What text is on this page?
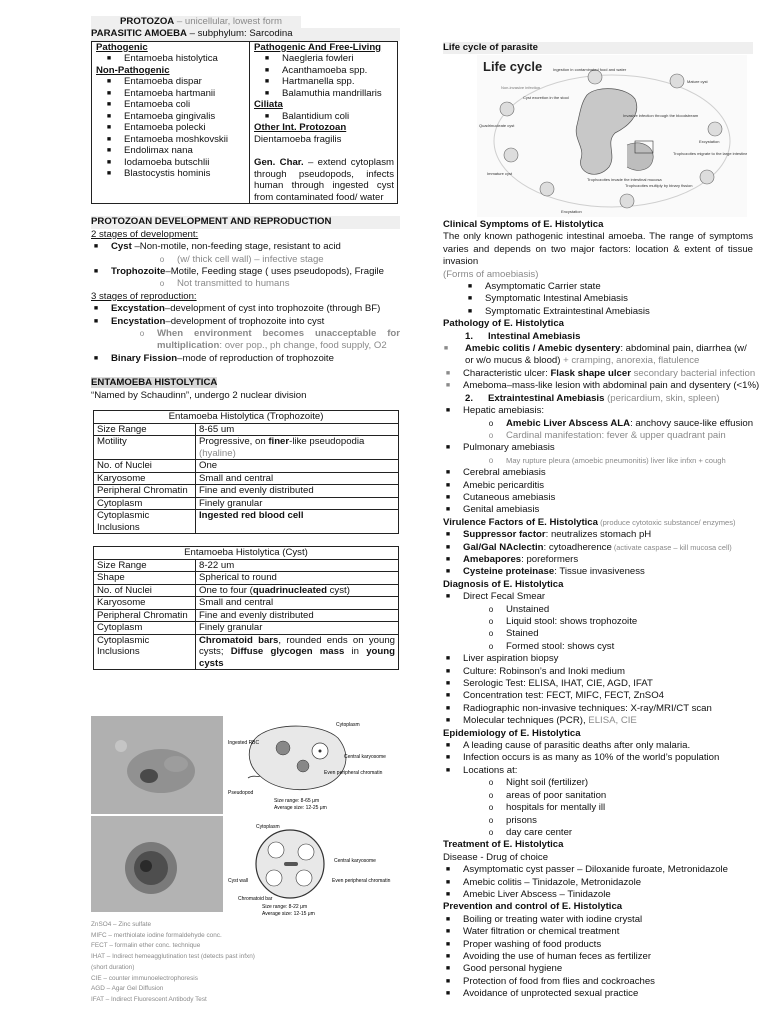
PROTOZOA – unicellular, lowest form
PARASITIC AMOEBA – subphylum: Sarcodina
Pathogenic
■ Entamoeba histolytica
Non-Pathogenic
■ Entamoeba dispar
■ Entamoeba hartmanii
■ Entamoeba coli
■ Entamoeba gingivalis
■ Entamoeba polecki
■ Entamoeba moshkovskii
■ Endolimax nana
■ Iodamoeba butschlii
■ Blastocystis hominis

Pathogenic And Free-Living
■ Naegleria fowleri
■ Acanthamoeba spp.
■ Hartmanella spp.
■ Balamuthia mandrillaris
Ciliata
■ Balantidium coli
Other Int. Protozoan
Dientamoeba fragilis
Gen. Char. – extend cytoplasm through pseudopods, infects human through ingested cyst from contaminated food/ water
PROTOZOAN DEVELOPMENT AND REPRODUCTION
2 stages of development:
■ Cyst –Non-motile, non-feeding stage, resistant to acid
o (w/ thick cell wall) – infective stage
■ Trophozoite–Motile, Feeding stage ( uses pseudopods), Fragile
o Not transmitted to humans
3 stages of reproduction:
■ Excystation–development of cyst into trophozoite (through BF)
■ Encystation–development of trophozoite into cyst
o When environment becomes unacceptable for multiplication: over pop., ph change, food supply, O2
■ Binary Fission–mode of reproduction of trophozoite
ENTAMOEBA HISTOLYTICA
“Named by Schaudinn”, undergo 2 nuclear division
Entamoeba Histolytica (Trophozoite)	
Size Range	8-65 um
Motility	Progressive, on finer-like pseudopodia (hyaline)
No. of Nuclei	One
Karyosome	Small and central
Peripheral Chromatin	Fine and evenly distributed
Cytoplasm	Finely granular
Cytoplasmic Inclusions	Ingested red blood cell
Entamoeba Histolytica (Cyst)	
Size Range	8-22 um
Shape	Spherical to round
No. of Nuclei	One to four (quadrinucleated cyst)
Karyosome	Small and central
Peripheral Chromatin	Fine and evenly distributed
Cytoplasm	Finely granular
Cytoplasmic Inclusions	Chromatoid bars, rounded ends on young cysts; Diffuse glycogen mass in young cysts
Cytoplasm
Ingested RBC
Central karyosome
Even peripheral chromatin
Pseudopod
Size range: 8-65 μm
Average size: 12-25 μm
Cytoplasm
Central karyosome
Even peripheral chromatin
Cyst wall
Chromatoid bar
Size range: 8-22 μm
Average size: 12-15 μm
ZnSO4 – Zinc sulfate
MIFC – merthiolate iodine formaldehyde conc.
FECT – formalin ether conc. technique
IHAT – Indirect hemeagglutination test (detects past infxn)
(short duration)
CIE – counter immunoelectrophoresis
AGD – Agar Gel Diffusion
IFAT – Indirect Fluorescent Antibody Test
Life cycle of parasite
Life cycle	Ingestion in contaminated food and water
Non-invasive infection
Mature cyst
Cyst excretion in the stool
Invasive infection through the bloodstream
Quadrinucleate cyst
Excystation
Trophozoites migrate to the large intestine
Trophozoites invade the intestinal mucosa
Immature cyst
Trophozoites multiply by binary fission
Encystation
Clinical Symptoms of E. Histolytica
The only known pathogenic intestinal amoeba. The range of symptoms varies and depends on two major factors: location & extent of tissue invasion
(Forms of amoebiasis)
■ Asymptomatic Carrier state
■ Symptomatic Intestinal Amebiasis
■ Symptomatic Extraintestinal Amebiasis
Pathology of E. Histolytica
1. Intestinal Amebiasis
■	Amebic colitis / Amebic dysentery: abdominal pain, diarrhea (w/ or w/o mucus & blood) + cramping, anorexia, flatulence
■ Characteristic ulcer: Flask shape ulcer secondary bacterial infection
■ Ameboma–mass-like lesion with abdominal pain and dysentery (<1%)
2. Extraintestinal Amebiasis (pericardium, skin, spleen)
■ Hepatic amebiasis:
o Amebic Liver Abscess ALA: anchovy sauce-like effusion
o Cardinal manifestation: fever & upper quadrant pain
■ Pulmonary amebiasis
o May rupture pleura (amoebic pneumonitis) liver like infxn + cough
■ Cerebral amebiasis
■ Amebic pericarditis
■ Cutaneous amebiasis
■ Genital amebiasis
Virulence Factors of E. Histolytica (produce cytotoxic substance/ enzymes)
■ Suppressor factor: neutralizes stomach pH
■ Gal/Gal NAclectin: cytoadherence (activate caspase – kill mucosa cell)
■ Amebapores: poreformers
■ Cysteine proteinase: Tissue invasiveness
Diagnosis of E. Histolytica
■ Direct Fecal Smear
o Unstained
o Liquid stool: shows trophozoite
o Stained
o Formed stool: shows cyst
■ Liver aspiration biopsy
■ Culture: Robinson’s and Inoki medium
■ Serologic Test: ELISA, IHAT, CIE, AGD, IFAT
■ Concentration test: FECT, MIFC, FECT, ZnSO4
■ Radiographic non-invasive techniques: X-ray/MRI/CT scan
■ Molecular techniques (PCR), ELISA, CIE
Epidemiology of E. Histolytica
■ A leading cause of parasitic deaths after only malaria.
■ Infection occurs is as many as 10% of the world’s population
■ Locations at:
o Night soil (fertilizer)
o areas of poor sanitation
o hospitals for mentally ill
o prisons
o day care center
Treatment of E. Histolytica
Disease - Drug of choice
■ Asymptomatic cyst passer – Diloxanide furoate, Metronidazole
■ Amebic colitis – Tinidazole, Metronidazole
■ Amebic Liver Abscess – Tinidazole
Prevention and control of E. Histolytica
■ Boiling or treating water with iodine crystal
■ Water filtration or chemical treatment
■ Proper washing of food products
■ Avoiding the use of human feces as fertilizer
■ Good personal hygiene
■ Protection of food from flies and cockroaches
■ Avoidance of unprotected sexual practice
